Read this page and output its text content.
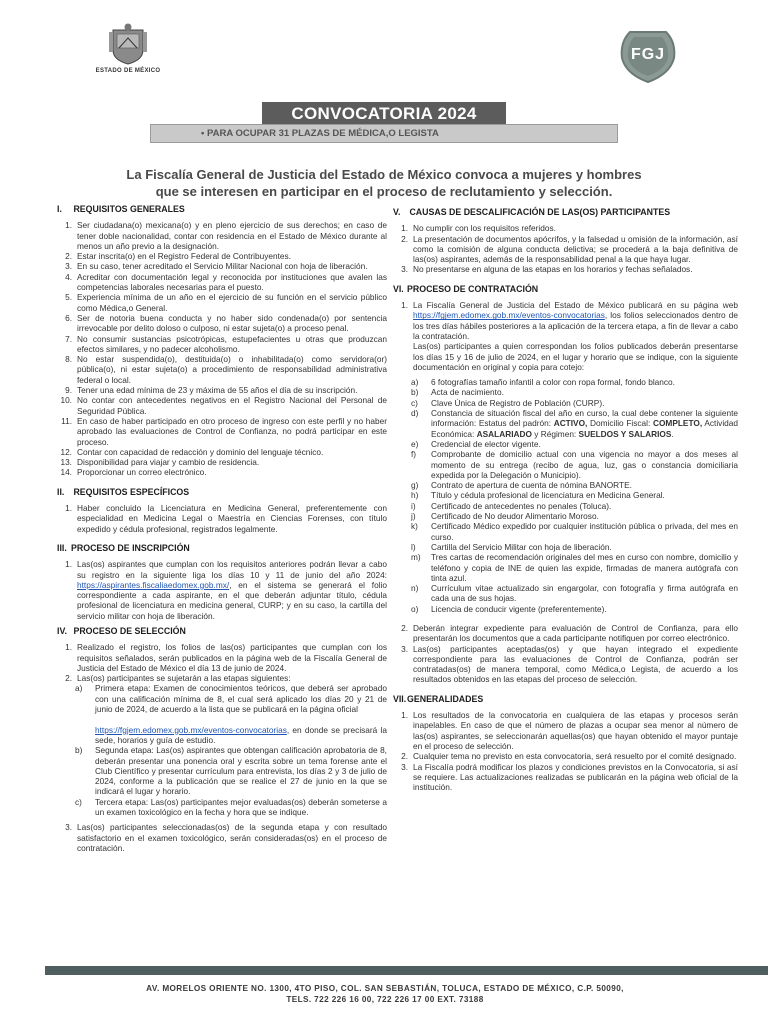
ESTADO DE MÉXICO
FGJ
CONVOCATORIA 2024
• PARA OCUPAR 31 PLAZAS DE MÉDICA,O LEGISTA
La Fiscalía General de Justicia del Estado de México convoca a mujeres y hombres
que se interesen en participar en el proceso de reclutamiento y selección.
I. REQUISITOS GENERALES
1. Ser ciudadana(o) mexicana(o) y en pleno ejercicio de sus derechos; en caso de tener doble nacionalidad, contar con residencia en el Estado de México durante al menos un año previo a la designación.
2. Estar inscrita(o) en el Registro Federal de Contribuyentes.
3. En su caso, tener acreditado el Servicio Militar Nacional con hoja de liberación.
4. Acreditar con documentación legal y reconocida por instituciones que avalen las competencias laborales necesarias para el puesto.
5. Experiencia mínima de un año en el ejercicio de su función en el servicio público como Médica,o General.
6. Ser de notoria buena conducta y no haber sido condenada(o) por sentencia irrevocable por delito doloso o culposo, ni estar sujeta(o) a proceso penal.
7. No consumir sustancias psicotrópicas, estupefacientes u otras que produzcan efectos similares, y no padecer alcoholismo.
8. No estar suspendida(o), destituida(o) o inhabilitada(o) como servidora(or) pública(o), ni estar sujeta(o) a procedimiento de responsabilidad administrativa federal o local.
9. Tener una edad mínima de 23 y máxima de 55 años el día de su inscripción.
10. No contar con antecedentes negativos en el Registro Nacional del Personal de Seguridad Pública.
11. En caso de haber participado en otro proceso de ingreso con este perfil y no haber aprobado las evaluaciones de Control de Confianza, no podrá participar en este proceso.
12. Contar con capacidad de redacción y dominio del lenguaje técnico.
13. Disponibilidad para viajar y cambio de residencia.
14. Proporcionar un correo electrónico.
II. REQUISITOS ESPECÍFICOS
1. Haber concluido la Licenciatura en Medicina General, preferentemente con especialidad en Medicina Legal o Maestría en Ciencias Forenses, con título expedido y cédula profesional, registrados legalmente.
III. PROCESO DE INSCRIPCIÓN
1. Las(os) aspirantes que cumplan con los requisitos anteriores podrán llevar a cabo su registro en la siguiente liga los días 10 y 11 de junio del año 2024: https://aspirantes.fiscaliaedomex.gob.mx/, en el sistema se generará el folio correspondiente a cada aspirante, en el que deberán adjuntar título, cédula profesional de licenciatura en medicina general, CURP; y en su caso, la cartilla del servicio militar con hoja de liberación.
IV. PROCESO DE SELECCIÓN
1. Realizado el registro, los folios de las(os) participantes que cumplan con los requisitos señalados, serán publicados en la página web de la Fiscalía General de Justicia del Estado de México el día 13 de junio de 2024.
2. Las(os) participantes se sujetarán a las etapas siguientes:
a) Primera etapa: Examen de conocimientos teóricos, que deberá ser aprobado con una calificación mínima de 8, el cual será aplicado los días 20 y 21 de junio de 2024, de acuerdo a la lista que se publicará en la página oficial

https://fgjem.edomex.gob.mx/eventos-convocatorias, en donde se precisará la sede, horarios y guía de estudio.
b) Segunda etapa: Las(os) aspirantes que obtengan calificación aprobatoria de 8, deberán presentar una ponencia oral y escrita sobre un tema forense ante el Club Científico y presentar currículum para entrevista, los días 2 y 3 de julio de 2024, conforme a la publicación que se realice el 27 de junio en la que se indicará el lugar y horario.
c) Tercera etapa: Las(os) participantes mejor evaluadas(os) deberán someterse a un examen toxicológico en la fecha y hora que se indique.
3. Las(os) participantes seleccionadas(os) de la segunda etapa y con resultado satisfactorio en el examen toxicológico, serán consideradas(os) en el proceso de contratación.
V. CAUSAS DE DESCALIFICACIÓN DE LAS(OS) PARTICIPANTES
1. No cumplir con los requisitos referidos.
2. La presentación de documentos apócrifos, y la falsedad u omisión de la información, así como la comisión de alguna conducta delictiva; se procederá a la baja definitiva de las(os) aspirantes, además de la responsabilidad penal a la que haya lugar.
3. No presentarse en alguna de las etapas en los horarios y fechas señalados.
VI. PROCESO DE CONTRATACIÓN
1. La Fiscalía General de Justicia del Estado de México publicará en su página web https://fgjem.edomex.gob.mx/eventos-convocatorias, los folios seleccionados dentro de los tres días hábiles posteriores a la aplicación de la tercera etapa, a fin de llevar a cabo la contratación.
Las(os) participantes a quien correspondan los folios publicados deberán presentarse los días 15 y 16 de julio de 2024, en el lugar y horario que se indique, con la siguiente documentación en original y copia para cotejo:
a) 6 fotografías tamaño infantil a color con ropa formal, fondo blanco.
b) Acta de nacimiento.
c) Clave Única de Registro de Población (CURP).
d) Constancia de situación fiscal del año en curso, la cual debe contener la siguiente información: Estatus del padrón: ACTIVO, Domicilio Fiscal: COMPLETO, Actividad Económica: ASALARIADO y Régimen: SUELDOS Y SALARIOS.
e) Credencial de elector vigente.
f) Comprobante de domicilio actual con una vigencia no mayor a dos meses al momento de su entrega (recibo de agua, luz, gas o constancia domiciliaria expedida por la Delegación o Municipio).
g) Contrato de apertura de cuenta de nómina BANORTE.
h) Título y cédula profesional de licenciatura en Medicina General.
i) Certificado de antecedentes no penales (Toluca).
j) Certificado de No deudor Alimentario Moroso.
k) Certificado Médico expedido por cualquier institución pública o privada, del mes en curso.
l) Cartilla del Servicio Militar con hoja de liberación.
m) Tres cartas de recomendación originales del mes en curso con nombre, domicilio y teléfono y copia de INE de quien las expide, firmadas de manera autógrafa con tinta azul.
n) Currículum vitae actualizado sin engargolar, con fotografía y firma autógrafa en cada una de sus hojas.
o) Licencia de conducir vigente (preferentemente).
2. Deberán integrar expediente para evaluación de Control de Confianza, para ello presentarán los documentos que a cada participante notifiquen por correo electrónico.
3. Las(os) participantes aceptadas(os) y que hayan integrado el expediente correspondiente para las evaluaciones de Control de Confianza, podrán ser contratadas(os) de manera temporal, como Médica,o Legista, de acuerdo a los resultados obtenidos en las etapas del proceso de selección.
VII.GENERALIDADES
1. Los resultados de la convocatoria en cualquiera de las etapas y procesos serán inapelables. En caso de que el número de plazas a ocupar sea menor al número de las(os) aspirantes, se seleccionarán aquellas(os) que hayan obtenido el mayor puntaje en el proceso de selección.
2. Cualquier tema no previsto en esta convocatoria, será resuelto por el comité designado.
3. La Fiscalía podrá modificar los plazos y condiciones previstos en la Convocatoria, si así se requiere. Las actualizaciones realizadas se publicarán en la página web oficial de la institución.
AV. MORELOS ORIENTE NO. 1300, 4TO PISO, COL. SAN SEBASTIÁN, TOLUCA, ESTADO DE MÉXICO, C.P. 50090,
TELS. 722 226 16 00, 722 226 17 00 EXT. 73188
